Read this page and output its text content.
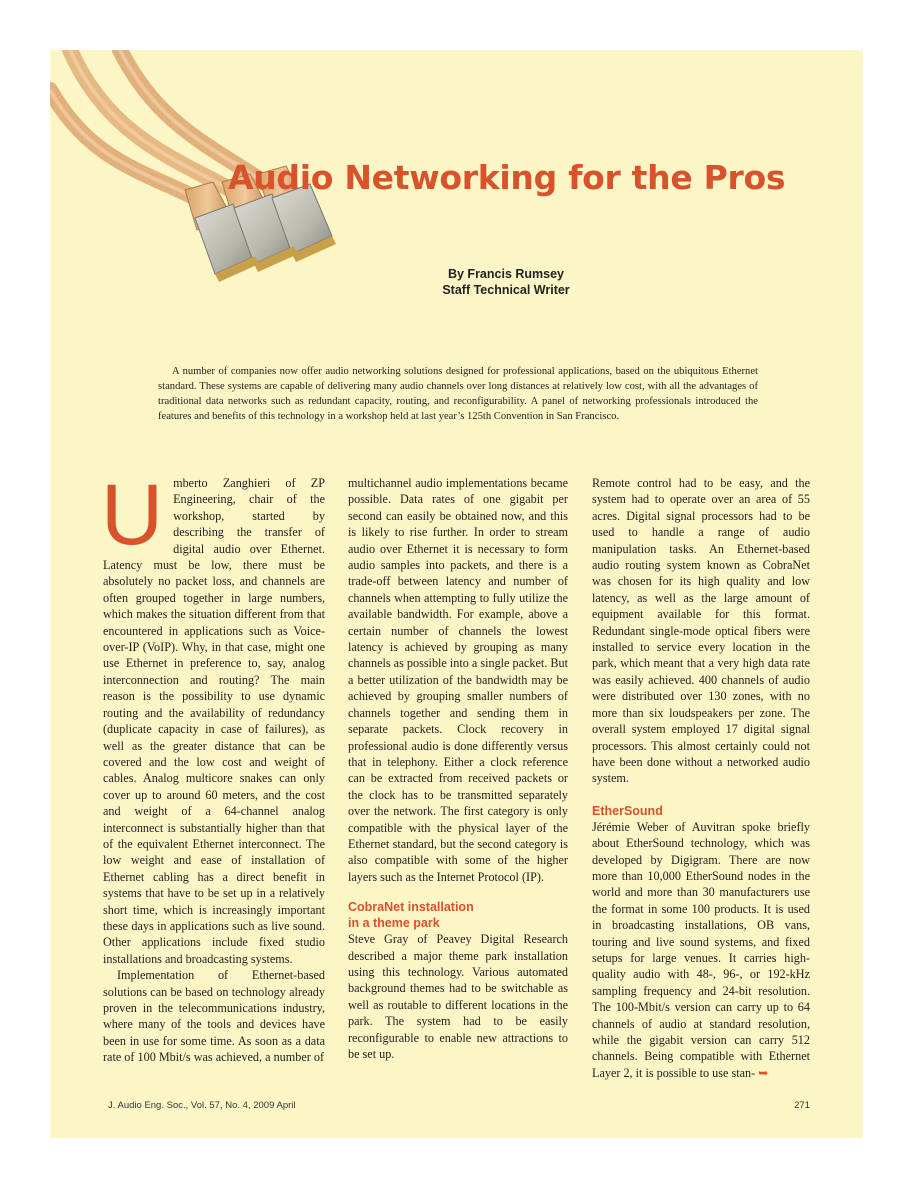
Audio Networking for the Pros
By Francis Rumsey
Staff Technical Writer

A number of companies now offer audio networking solutions designed for professional applications, based on the ubiquitous Ethernet standard. These systems are capable of delivering many audio channels over long distances at relatively low cost, with all the advantages of traditional data networks such as redundant capacity, routing, and reconfigurability. A panel of networking professionals introduced the features and benefits of this technology in a workshop held at last year’s 125th Convention in San Francisco.

U mberto Zanghieri of ZP Engineering, chair of the workshop, started by describing the transfer of digital audio over Ethernet. Latency must be low, there must be absolutely no packet loss, and channels are often grouped together in large numbers, which makes the situation different from that encountered in applications such as Voice-over-IP (VoIP). Why, in that case, might one use Ethernet in preference to, say, analog interconnection and routing? The main reason is the possibility to use dynamic routing and the availability of redundancy (duplicate capacity in case of failures), as well as the greater distance that can be covered and the low cost and weight of cables. Analog multicore snakes can only cover up to around 60 meters, and the cost and weight of a 64-channel analog interconnect is substantially higher than that of the equivalent Ethernet interconnect. The low weight and ease of installation of Ethernet cabling has a direct benefit in systems that have to be set up in a relatively short time, which is increasingly important these days in applications such as live sound. Other applications include fixed studio installations and broadcasting systems.

Implementation of Ethernet-based solutions can be based on technology already proven in the telecommunications industry, where many of the tools and devices have been in use for some time. As soon as a data rate of 100 Mbit/s was achieved, a number of

multichannel audio implementations became possible. Data rates of one gigabit per second can easily be obtained now, and this is likely to rise further. In order to stream audio over Ethernet it is necessary to form audio samples into packets, and there is a trade-off between latency and number of channels when attempting to fully utilize the available bandwidth. For example, above a certain number of channels the lowest latency is achieved by grouping as many channels as possible into a single packet. But a better utilization of the bandwidth may be achieved by grouping smaller numbers of channels together and sending them in separate packets. Clock recovery in professional audio is done differently versus that in telephony. Either a clock reference can be extracted from received packets or the clock has to be transmitted separately over the network. The first category is only compatible with the physical layer of the Ethernet standard, but the second category is also compatible with some of the higher layers such as the Internet Protocol (IP).

CobraNet installation
in a theme park

Steve Gray of Peavey Digital Research described a major theme park installation using this technology. Various automated background themes had to be switchable as well as routable to different locations in the park. The system had to be easily reconfigurable to enable new attractions to be set up.

Remote control had to be easy, and the system had to operate over an area of 55 acres. Digital signal processors had to be used to handle a range of audio manipulation tasks. An Ethernet-based audio routing system known as CobraNet was chosen for its high quality and low latency, as well as the large amount of equipment available for this format. Redundant single-mode optical fibers were installed to service every location in the park, which meant that a very high data rate was easily achieved. 400 channels of audio were distributed over 130 zones, with no more than six loudspeakers per zone. The overall system employed 17 digital signal processors. This almost certainly could not have been done without a networked audio system.

EtherSound

Jérémie Weber of Auvitran spoke briefly about EtherSound technology, which was developed by Digigram. There are now more than 10,000 EtherSound nodes in the world and more than 30 manufacturers use the format in some 100 products. It is used in broadcasting installations, OB vans, touring and live sound systems, and fixed setups for large venues. It carries high-quality audio with 48-, 96-, or 192-kHz sampling frequency and 24-bit resolution. The 100-Mbit/s version can carry up to 64 channels of audio at standard resolution, while the gigabit version can carry 512 channels. Being compatible with Ethernet Layer 2, it is possible to use stan- ➥

J. Audio Eng. Soc., Vol. 57, No. 4, 2009 April	271
